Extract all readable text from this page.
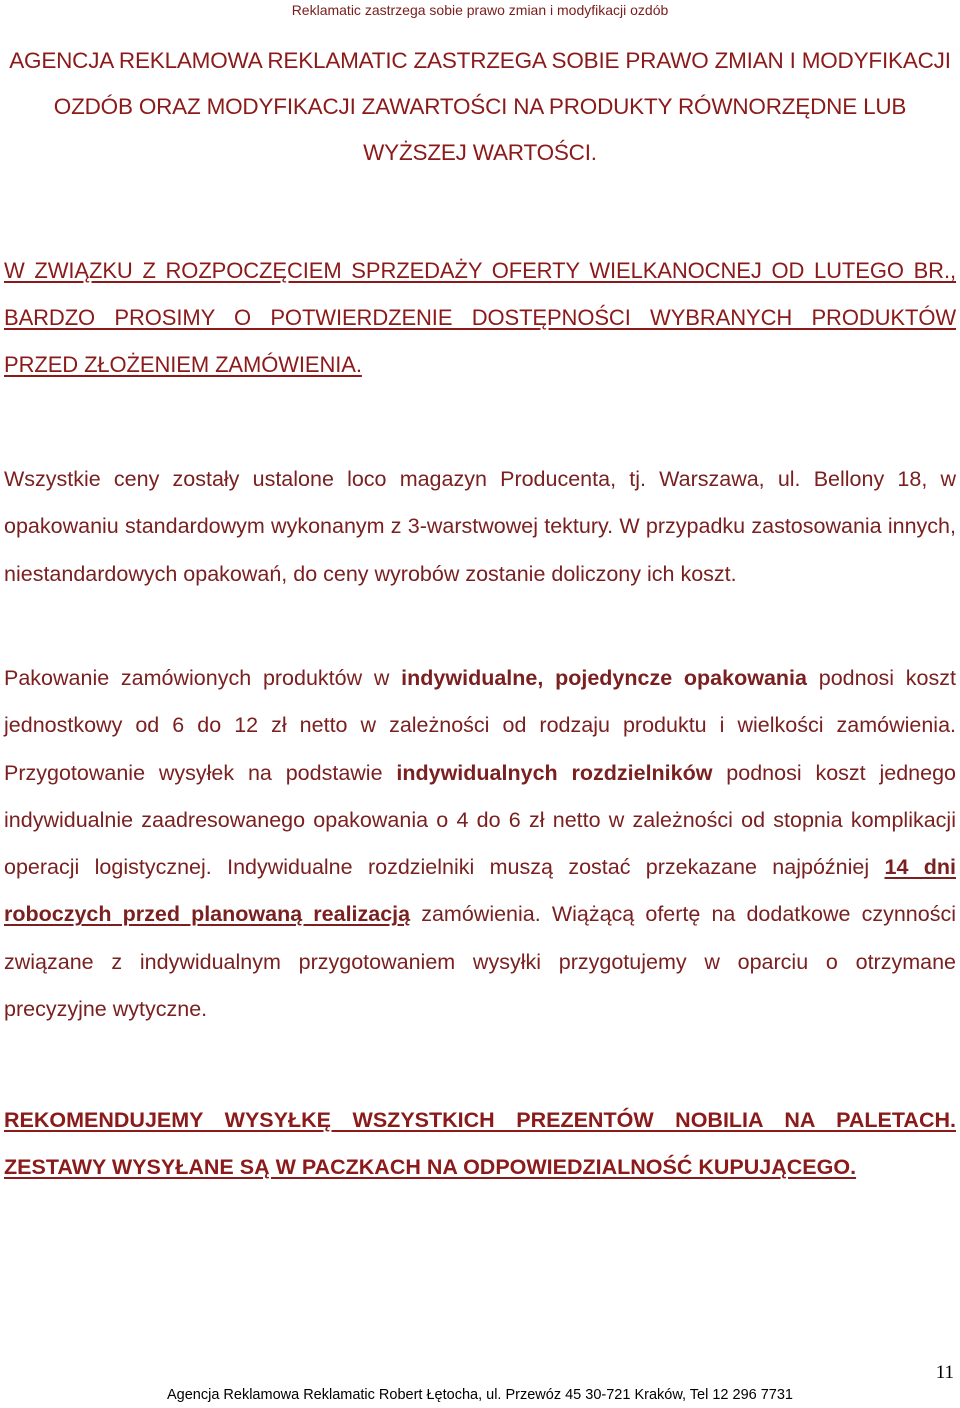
Reklamatic zastrzega sobie prawo zmian i modyfikacji ozdób
AGENCJA REKLAMOWA REKLAMATIC ZASTRZEGA SOBIE PRAWO ZMIAN I MODYFIKACJI OZDÓB ORAZ MODYFIKACJI ZAWARTOŚCI NA PRODUKTY RÓWNORZĘDNE LUB WYŻSZEJ WARTOŚCI.
W ZWIĄZKU Z ROZPOCZĘCIEM SPRZEDAŻY OFERTY WIELKANOCNEJ OD LUTEGO BR., BARDZO PROSIMY O POTWIERDZENIE DOSTĘPNOŚCI WYBRANYCH PRODUKTÓW PRZED ZŁOŻENIEM ZAMÓWIENIA.
Wszystkie ceny zostały ustalone loco magazyn Producenta, tj. Warszawa, ul. Bellony 18, w opakowaniu standardowym wykonanym z 3-warstwowej tektury. W przypadku zastosowania innych, niestandardowych opakowań, do ceny wyrobów zostanie doliczony ich koszt.
Pakowanie zamówionych produktów w indywidualne, pojedyncze opakowania podnosi koszt jednostkowy od 6 do 12 zł netto w zależności od rodzaju produktu i wielkości zamówienia. Przygotowanie wysyłek na podstawie indywidualnych rozdzielników podnosi koszt jednego indywidualnie zaadresowanego opakowania o 4 do 6 zł netto w zależności od stopnia komplikacji operacji logistycznej. Indywidualne rozdzielniki muszą zostać przekazane najpóźniej 14 dni roboczych przed planowaną realizacją zamówienia. Wiążącą ofertę na dodatkowe czynności związane z indywidualnym przygotowaniem wysyłki przygotujemy w oparciu o otrzymane precyzyjne wytyczne.
REKOMENDUJEMY WYSYŁKĘ WSZYSTKICH PREZENTÓW NOBILIA NA PALETACH. ZESTAWY WYSYŁANE SĄ W PACZKACH NA ODPOWIEDZIALNOŚĆ KUPUJĄCEGO.
11
Agencja Reklamowa Reklamatic Robert Łętocha, ul. Przewóz 45 30-721 Kraków, Tel 12 296 7731
